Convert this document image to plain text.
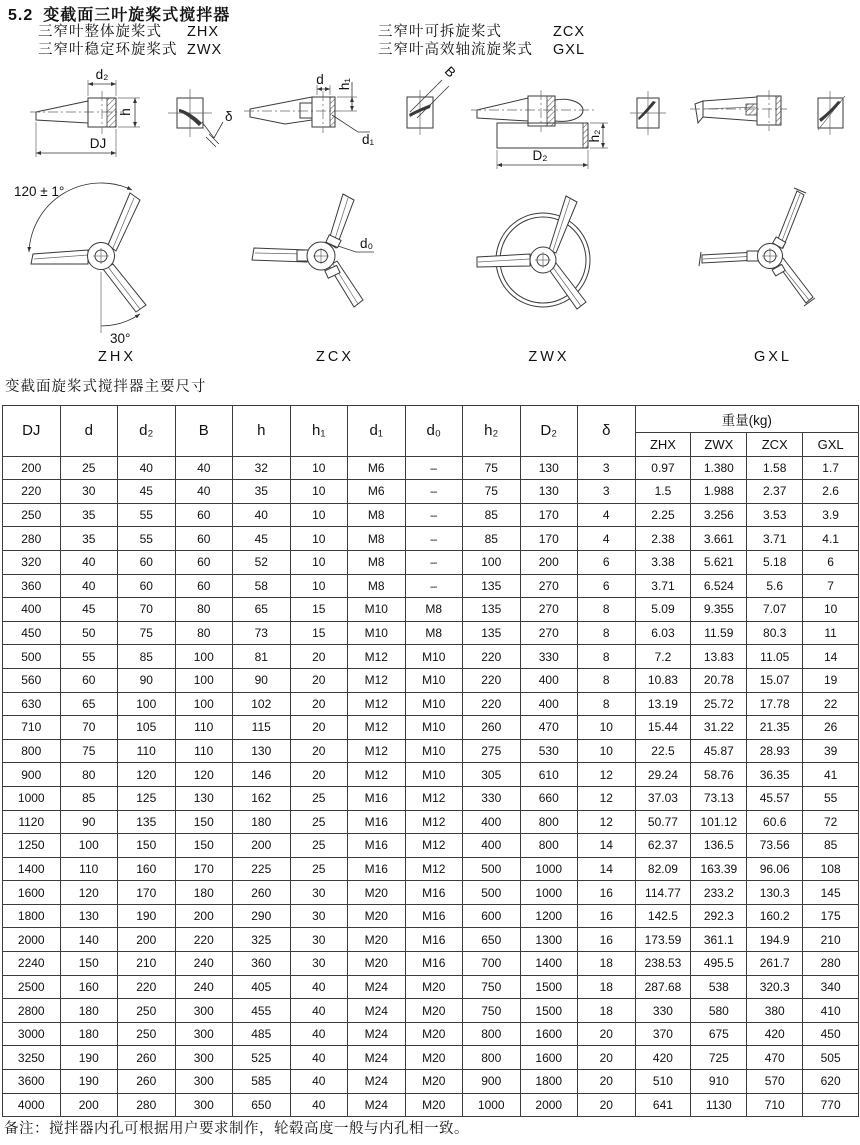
5.2 变截面三叶旋桨式搅拌器
三窄叶整体旋桨式	ZHX
三窄叶稳定环旋桨式 ZWX
三窄叶可拆旋桨式	ZCX
三窄叶高效轴流旋桨式	GXL
d₂
h
DJ
δ
d h₁
d₁
B
h₂
D₂
120 ± 1°
30°
ZHX
d₀
ZCX	ZWX	GXL
变截面旋桨式搅拌器主要尺寸
DJ	d	d₂	B	h	h₁	d₁	d₀	h₂	D₂	δ	重量(kg)			
											ZHX	ZWX	ZCX	GXL
200	25	40	40	32	10	M6	–	75	130	3	0.97	1.380	1.58	1.7
220	30	45	40	35	10	M6	–	75	130	3	1.5	1.988	2.37	2.6
250	35	55	60	40	10	M8	–	85	170	4	2.25	3.256	3.53	3.9
280	35	55	60	45	10	M8	–	85	170	4	2.38	3.661	3.71	4.1
320	40	60	60	52	10	M8	–	100	200	6	3.38	5.621	5.18	6
360	40	60	60	58	10	M8	–	135	270	6	3.71	6.524	5.6	7
400	45	70	80	65	15	M10	M8	135	270	8	5.09	9.355	7.07	10
450	50	75	80	73	15	M10	M8	135	270	8	6.03	11.59	80.3	11
500	55	85	100	81	20	M12	M10	220	330	8	7.2	13.83	11.05	14
560	60	90	100	90	20	M12	M10	220	400	8	10.83	20.78	15.07	19
630	65	100	100	102	20	M12	M10	220	400	8	13.19	25.72	17.78	22
710	70	105	110	115	20	M12	M10	260	470	10	15.44	31.22	21.35	26
800	75	110	110	130	20	M12	M10	275	530	10	22.5	45.87	28.93	39
900	80	120	120	146	20	M12	M10	305	610	12	29.24	58.76	36.35	41
1000	85	125	130	162	25	M16	M12	330	660	12	37.03	73.13	45.57	55
1120	90	135	150	180	25	M16	M12	400	800	12	50.77	101.12	60.6	72
1250	100	150	150	200	25	M16	M12	400	800	14	62.37	136.5	73.56	85
1400	110	160	170	225	25	M16	M12	500	1000	14	82.09	163.39	96.06	108
1600	120	170	180	260	30	M20	M16	500	1000	16	114.77	233.2	130.3	145
1800	130	190	200	290	30	M20	M16	600	1200	16	142.5	292.3	160.2	175
2000	140	200	220	325	30	M20	M16	650	1300	16	173.59	361.1	194.9	210
2240	150	210	240	360	30	M20	M16	700	1400	18	238.53	495.5	261.7	280
2500	160	220	240	405	40	M24	M20	750	1500	18	287.68	538	320.3	340
2800	180	250	300	455	40	M24	M20	750	1500	18	330	580	380	410
3000	180	250	300	485	40	M24	M20	800	1600	20	370	675	420	450
3250	190	260	300	525	40	M24	M20	800	1600	20	420	725	470	505
3600	190	260	300	585	40	M24	M20	900	1800	20	510	910	570	620
4000	200	280	300	650	40	M24	M20	1000	2000	20	641	1130	710	770
备注：搅拌器内孔可根据用户要求制作，轮毂高度一般与内孔相一致。
